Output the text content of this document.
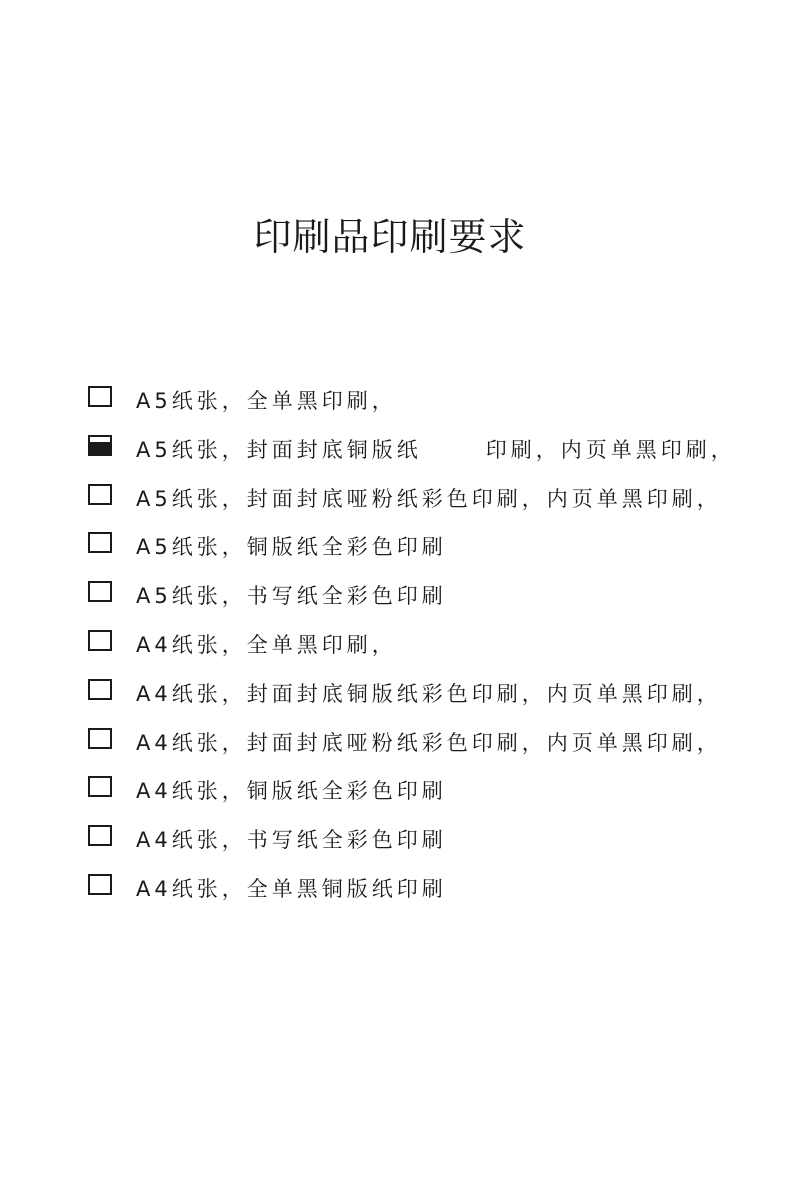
印刷品印刷要求
A5纸张，全单黑印刷，
A5纸张，封面封底铜版纸      印刷，内页单黑印刷，
A5纸张，封面封底哑粉纸彩色印刷，内页单黑印刷，
A5纸张，铜版纸全彩色印刷
A5纸张，书写纸全彩色印刷
A4纸张，全单黑印刷，
A4纸张，封面封底铜版纸彩色印刷，内页单黑印刷，
A4纸张，封面封底哑粉纸彩色印刷，内页单黑印刷，
A4纸张，铜版纸全彩色印刷
A4纸张，书写纸全彩色印刷
A4纸张，全单黑铜版纸印刷
